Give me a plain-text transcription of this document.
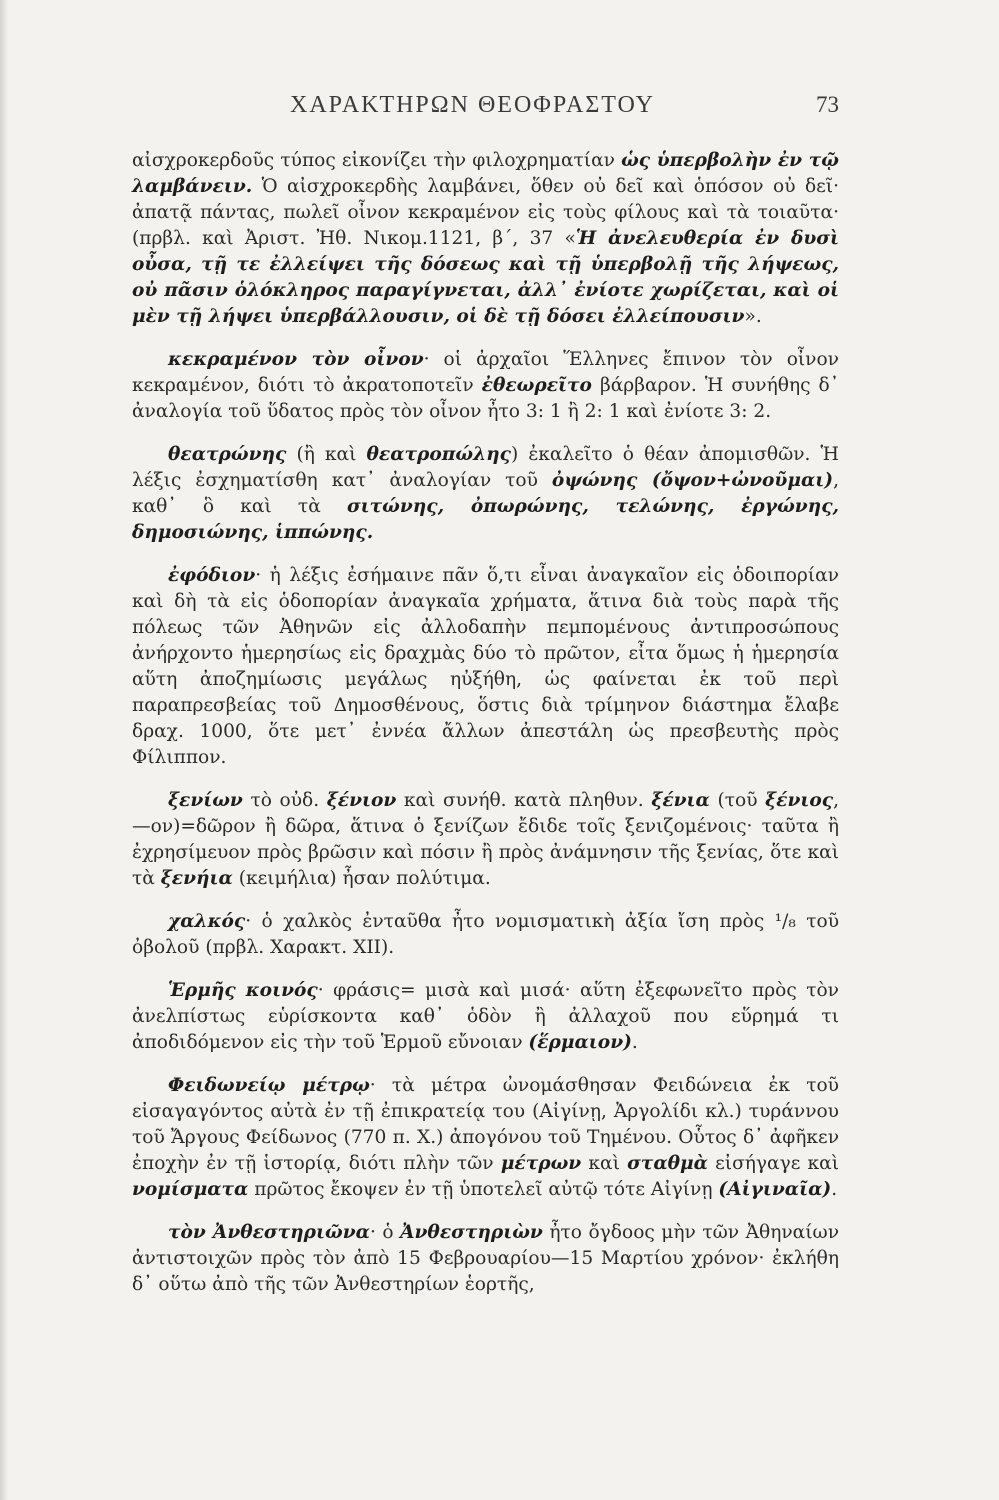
ΧΑΡΑΚΤΗΡΩΝ ΘΕΟΦΡΑΣΤΟΥ	73

αἰσχροκερδοῦς τύπος εἰκονίζει τὴν φιλοχρηματίαν ὡς ὑπερβολὴν ἐν τῷ λαμβάνειν. Ὁ αἰσχροκερδὴς λαμβάνει, ὅθεν οὐ δεῖ καὶ ὁπόσον οὐ δεῖ· ἀπατᾷ πάντας, πωλεῖ οἶνον κεκραμένον εἰς τοὺς φίλους καὶ τὰ τοιαῦτα· (πρβλ. καὶ Ἀριστ. Ἠθ. Νικομ.1121, β΄, 37 «Ἡ ἀνελευθερία ἐν δυσὶ οὖσα, τῇ τε ἐλλείψει τῆς δόσεως καὶ τῇ ὑπερβολῇ τῆς λήψεως, οὐ πᾶσιν ὁλόκληρος παραγίγνεται, ἀλλ᾽ ἐνίοτε χωρίζεται, καὶ οἱ μὲν τῇ λήψει ὑπερβάλλουσιν, οἱ δὲ τῇ δόσει ἐλλείπουσιν».

κεκραμένον τὸν οἶνον· οἱ ἀρχαῖοι Ἕλληνες ἔπινον τὸν οἶνον κεκραμένον, διότι τὸ ἀκρατοποτεῖν ἐθεωρεῖτο βάρβαρον. Ἡ συνήθης δ᾽ ἀναλογία τοῦ ὕδατος πρὸς τὸν οἶνον ἦτο 3: 1 ἢ 2: 1 καὶ ἐνίοτε 3: 2.

θεατρώνης (ἢ καὶ θεατροπώλης) ἐκαλεῖτο ὁ θέαν ἀπομισθῶν. Ἡ λέξις ἐσχηματίσθη κατ᾽ ἀναλογίαν τοῦ ὀψώνης (ὄψον+ὠνοῦμαι), καθ᾽ ὃ καὶ τὰ σιτώνης, ὀπωρώνης, τελώνης, ἐργώνης, δημοσιώνης, ἱππώνης.

ἐφόδιον· ἡ λέξις ἐσήμαινε πᾶν ὅ,τι εἶναι ἀναγκαῖον εἰς ὁδοιπορίαν καὶ δὴ τὰ εἰς ὁδοπορίαν ἀναγκαῖα χρήματα, ἅτινα διὰ τοὺς παρὰ τῆς πόλεως τῶν Ἀθηνῶν εἰς ἀλλοδαπὴν πεμπομένους ἀντιπροσώπους ἀνήρχοντο ἡμερησίως εἰς δραχμὰς δύο τὸ πρῶτον, εἶτα ὅμως ἡ ἡμερησία αὕτη ἀποζημίωσις μεγάλως ηὐξήθη, ὡς φαίνεται ἐκ τοῦ περὶ παραπρεσβείας τοῦ Δημοσθένους, ὅστις διὰ τρίμηνον διάστημα ἔλαβε δραχ. 1000, ὅτε μετ᾽ ἐννέα ἄλλων ἀπεστάλη ὡς πρεσβευτὴς πρὸς Φίλιππον.

ξενίων τὸ οὐδ. ξένιον καὶ συνήθ. κατὰ πληθυν. ξένια (τοῦ ξένιος,—ον)=δῶρον ἢ δῶρα, ἅτινα ὁ ξενίζων ἔδιδε τοῖς ξενιζομένοις· ταῦτα ἢ ἐχρησίμευον πρὸς βρῶσιν καὶ πόσιν ἢ πρὸς ἀνάμνησιν τῆς ξενίας, ὅτε καὶ τὰ ξενήια (κειμήλια) ἦσαν πολύτιμα.

χαλκός· ὁ χαλκὸς ἐνταῦθα ἦτο νομισματικὴ ἀξία ἴση πρὸς ¹/₈ τοῦ ὀβολοῦ (πρβλ. Χαρακτ. XII).

Ἑρμῆς κοινός· φράσις= μισὰ καὶ μισά· αὕτη ἐξεφωνεῖτο πρὸς τὸν ἀνελπίστως εὑρίσκοντα καθ᾽ ὁδὸν ἢ ἀλλαχοῦ που εὕρημά τι ἀποδιδόμενον εἰς τὴν τοῦ Ἑρμοῦ εὔνοιαν (ἕρμαιον).

Φειδωνείῳ μέτρῳ· τὰ μέτρα ὠνομάσθησαν Φειδώνεια ἐκ τοῦ εἰσαγαγόντος αὐτὰ ἐν τῇ ἐπικρατείᾳ του (Αἰγίνῃ, Ἀργολίδι κλ.) τυράννου τοῦ Ἄργους Φείδωνος (770 π. Χ.) ἀπογόνου τοῦ Τημένου. Οὗτος δ᾽ ἀφῆκεν ἐποχὴν ἐν τῇ ἱστορίᾳ, διότι πλὴν τῶν μέτρων καὶ σταθμὰ εἰσήγαγε καὶ νομίσματα πρῶτος ἔκοψεν ἐν τῇ ὑποτελεῖ αὐτῷ τότε Αἰγίνῃ (Αἰγιναῖα).

τὸν Ἀνθεστηριῶνα· ὁ Ἀνθεστηριὼν ἦτο ὄγδοος μὴν τῶν Ἀθηναίων ἀντιστοιχῶν πρὸς τὸν ἀπὸ 15 Φεβρουαρίου—15 Μαρτίου χρόνον· ἐκλήθη δ᾽ οὕτω ἀπὸ τῆς τῶν Ἀνθεστηρίων ἑορτῆς,
